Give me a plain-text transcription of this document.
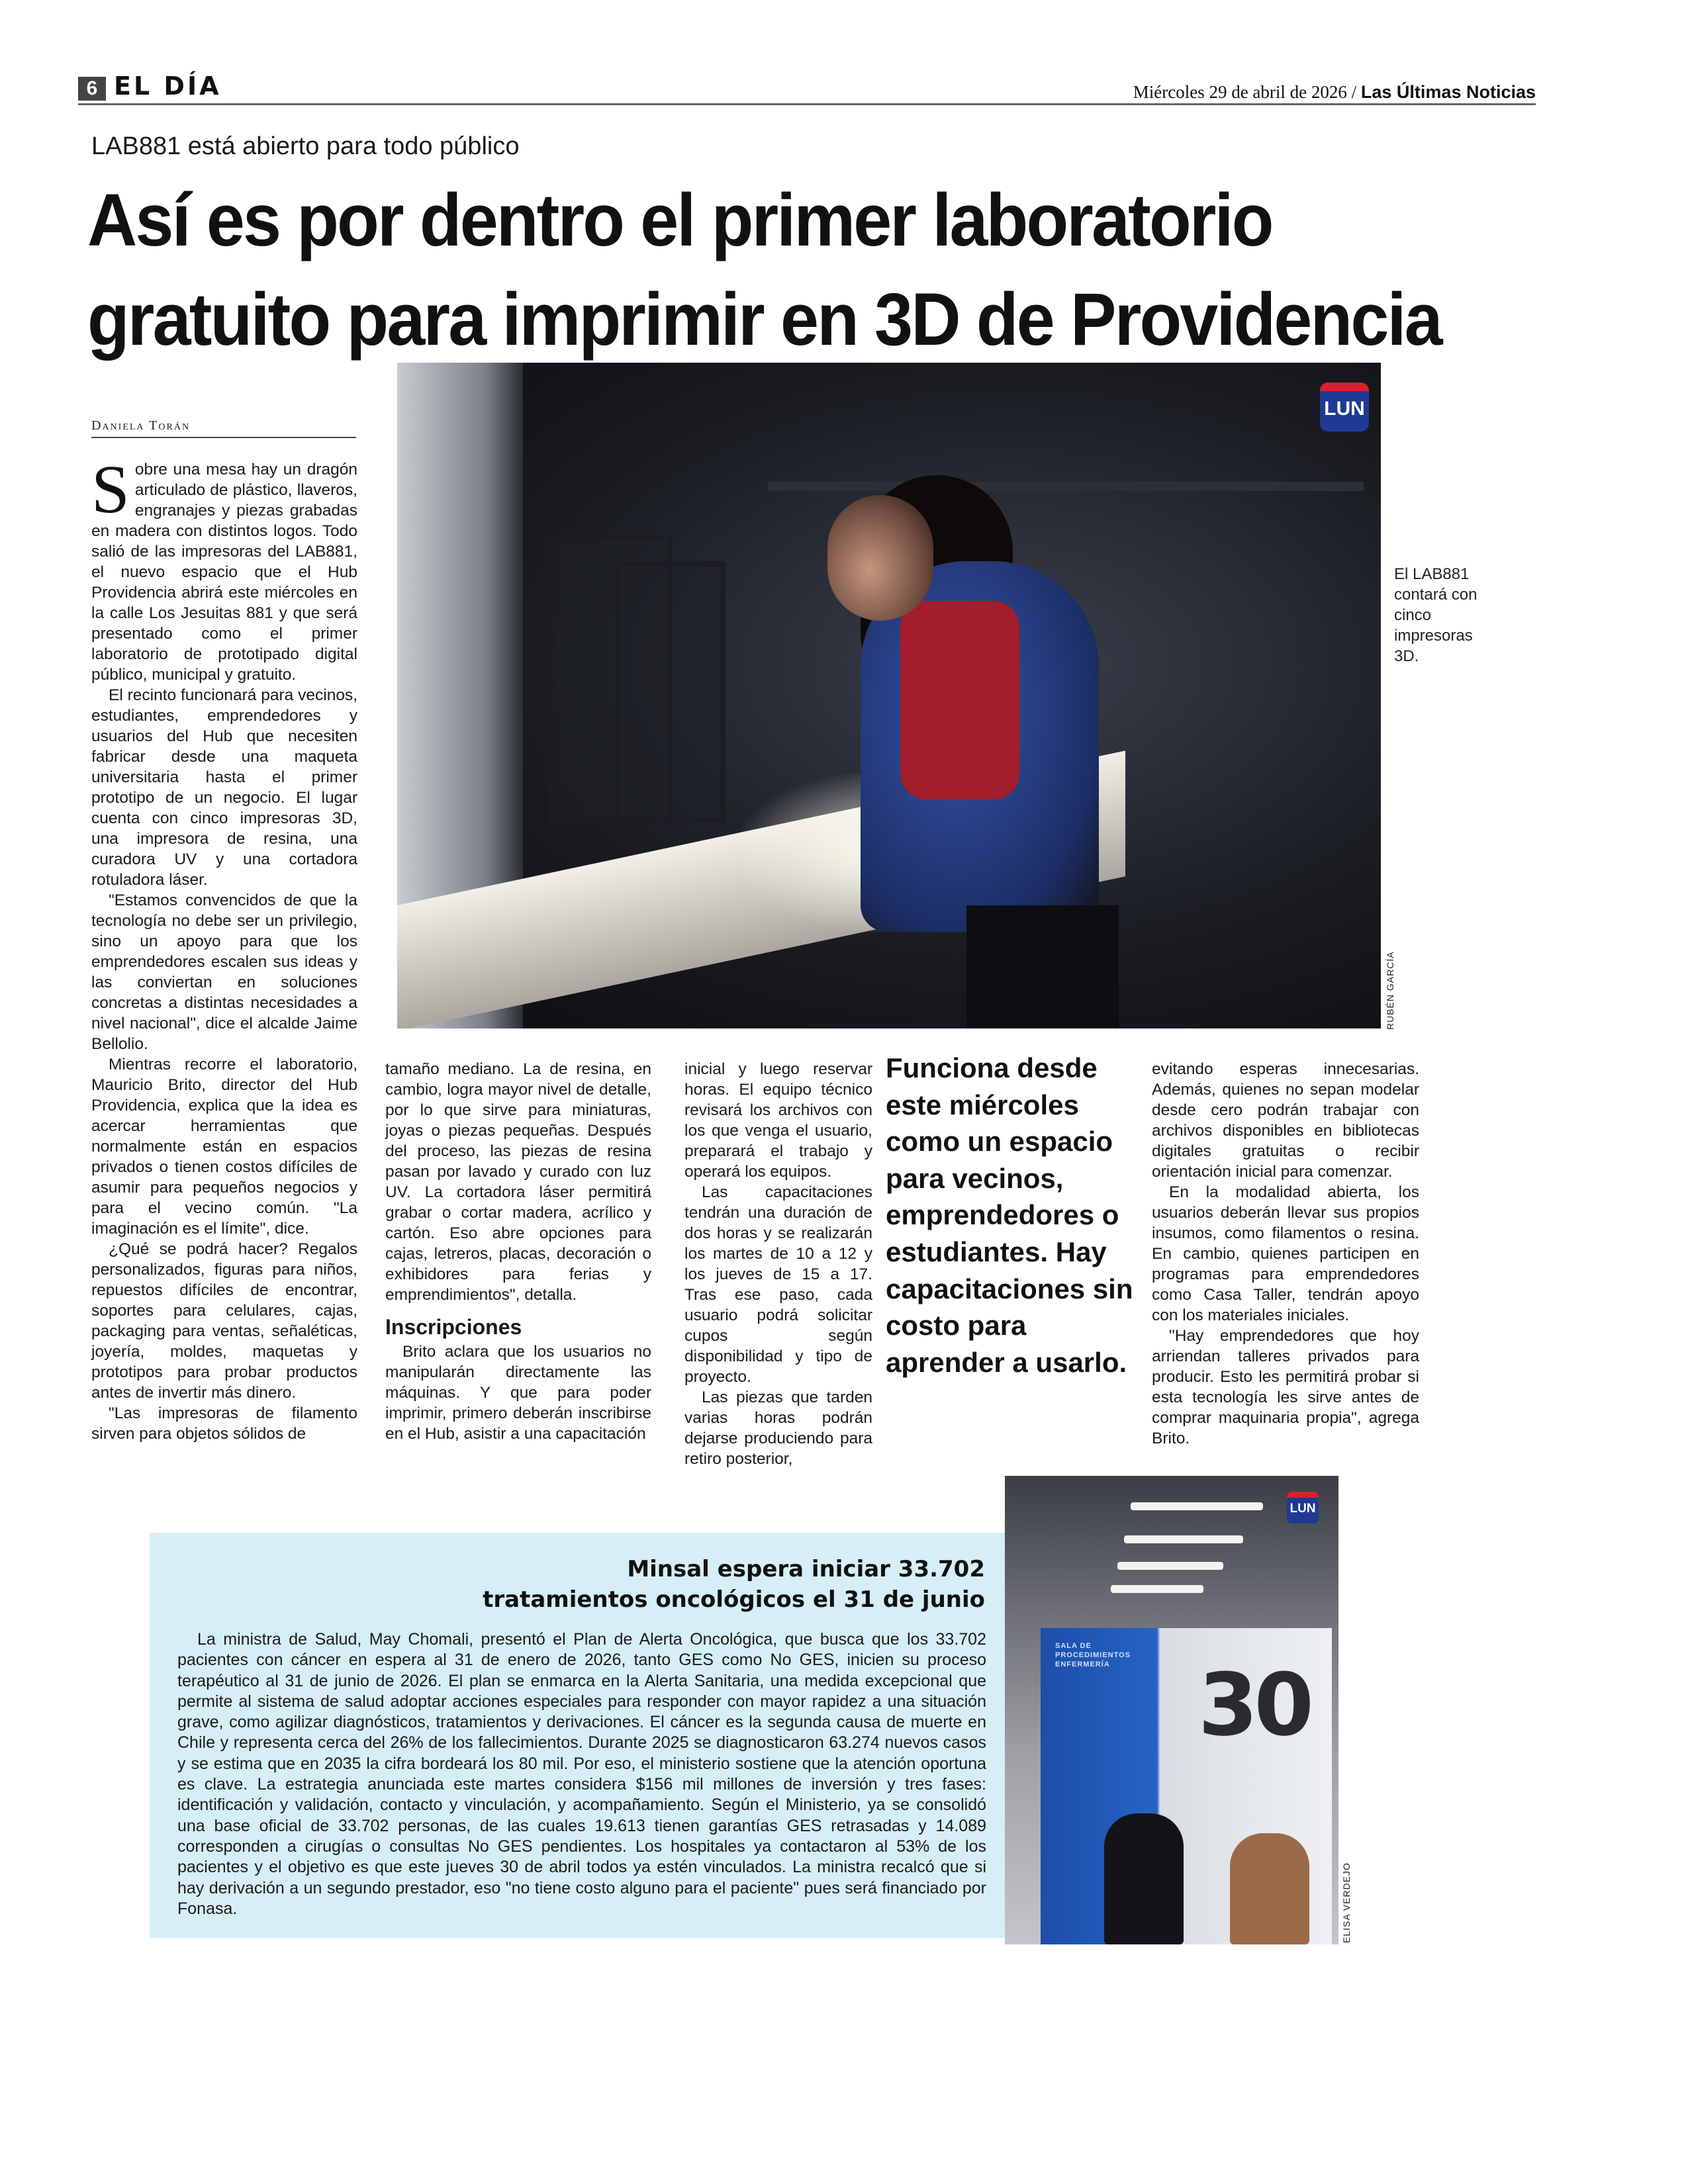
6 EL DÍA	Miércoles 29 de abril de 2026 / Las Últimas Noticias
LAB881 está abierto para todo público
Así es por dentro el primer laboratorio
gratuito para imprimir en 3D de Providencia
LUN
RUBÉN GARCÍA
El LAB881 contará con cinco impresoras 3D.
Daniela Torán

Sobre una mesa hay un dragón articulado de plástico, llaveros, engranajes y piezas grabadas en madera con distintos logos. Todo salió de las impresoras del LAB881, el nuevo espacio que el Hub Providencia abrirá este miércoles en la calle Los Jesuitas 881 y que será presentado como el primer laboratorio de prototipado digital público, municipal y gratuito.

El recinto funcionará para vecinos, estudiantes, emprendedores y usuarios del Hub que necesiten fabricar desde una maqueta universitaria hasta el primer prototipo de un negocio. El lugar cuenta con cinco impresoras 3D, una impresora de resina, una curadora UV y una cortadora rotuladora láser.

"Estamos convencidos de que la tecnología no debe ser un privilegio, sino un apoyo para que los emprendedores escalen sus ideas y las conviertan en soluciones concretas a distintas necesidades a nivel nacional", dice el alcalde Jaime Bellolio.

Mientras recorre el laboratorio, Mauricio Brito, director del Hub Providencia, explica que la idea es acercar herramientas que normalmente están en espacios privados o tienen costos difíciles de asumir para pequeños negocios y para el vecino común. "La imaginación es el límite", dice.

¿Qué se podrá hacer? Regalos personalizados, figuras para niños, repuestos difíciles de encontrar, soportes para celulares, cajas, packaging para ventas, señaléticas, joyería, moldes, maquetas y prototipos para probar productos antes de invertir más dinero.

"Las impresoras de filamento sirven para objetos sólidos de

tamaño mediano. La de resina, en cambio, logra mayor nivel de detalle, por lo que sirve para miniaturas, joyas o piezas pequeñas. Después del proceso, las piezas de resina pasan por lavado y curado con luz UV. La cortadora láser permitirá grabar o cortar madera, acrílico y cartón. Eso abre opciones para cajas, letreros, placas, decoración o exhibidores para ferias y emprendimientos", detalla.

Inscripciones

Brito aclara que los usuarios no manipularán directamente las máquinas. Y que para poder imprimir, primero deberán inscribirse en el Hub, asistir a una capacitación

inicial y luego reservar horas. El equipo técnico revisará los archivos con los que venga el usuario, preparará el trabajo y operará los equipos.

Las capacitaciones tendrán una duración de dos horas y se realizarán los martes de 10 a 12 y los jueves de 15 a 17. Tras ese paso, cada usuario podrá solicitar cupos según disponibilidad y tipo de proyecto.

Las piezas que tarden varias horas podrán dejarse produciendo para retiro posterior,

Funciona desde este miércoles como un espacio para vecinos, emprendedores o estudiantes. Hay capacitaciones sin costo para aprender a usarlo.

evitando esperas innecesarias. Además, quienes no sepan modelar desde cero podrán trabajar con archivos disponibles en bibliotecas digitales gratuitas o recibir orientación inicial para comenzar.

En la modalidad abierta, los usuarios deberán llevar sus propios insumos, como filamentos o resina. En cambio, quienes participen en programas para emprendedores como Casa Taller, tendrán apoyo con los materiales iniciales.

"Hay emprendedores que hoy arriendan talleres privados para producir. Esto les permitirá probar si esta tecnología les sirve antes de comprar maquinaria propia", agrega Brito.

Minsal espera iniciar 33.702
tratamientos oncológicos el 31 de junio

La ministra de Salud, May Chomali, presentó el Plan de Alerta Oncológica, que busca que los 33.702 pacientes con cáncer en espera al 31 de enero de 2026, tanto GES como No GES, inicien su proceso terapéutico al 31 de junio de 2026. El plan se enmarca en la Alerta Sanitaria, una medida excepcional que permite al sistema de salud adoptar acciones especiales para responder con mayor rapidez a una situación grave, como agilizar diagnósticos, tratamientos y derivaciones. El cáncer es la segunda causa de muerte en Chile y representa cerca del 26% de los fallecimientos. Durante 2025 se diagnosticaron 63.274 nuevos casos y se estima que en 2035 la cifra bordeará los 80 mil. Por eso, el ministerio sostiene que la atención oportuna es clave. La estrategia anunciada este martes considera $156 mil millones de inversión y tres fases: identificación y validación, contacto y vinculación, y acompañamiento. Según el Ministerio, ya se consolidó una base oficial de 33.702 personas, de las cuales 19.613 tienen garantías GES retrasadas y 14.089 corresponden a cirugías o consultas No GES pendientes. Los hospitales ya contactaron al 53% de los pacientes y el objetivo es que este jueves 30 de abril todos ya estén vinculados. La ministra recalcó que si hay derivación a un segundo prestador, eso "no tiene costo alguno para el paciente" pues será financiado por Fonasa.

SALA DE PROCEDIMIENTOS ENFERMERÍA	30
LUN
ELISA VERDEJO
